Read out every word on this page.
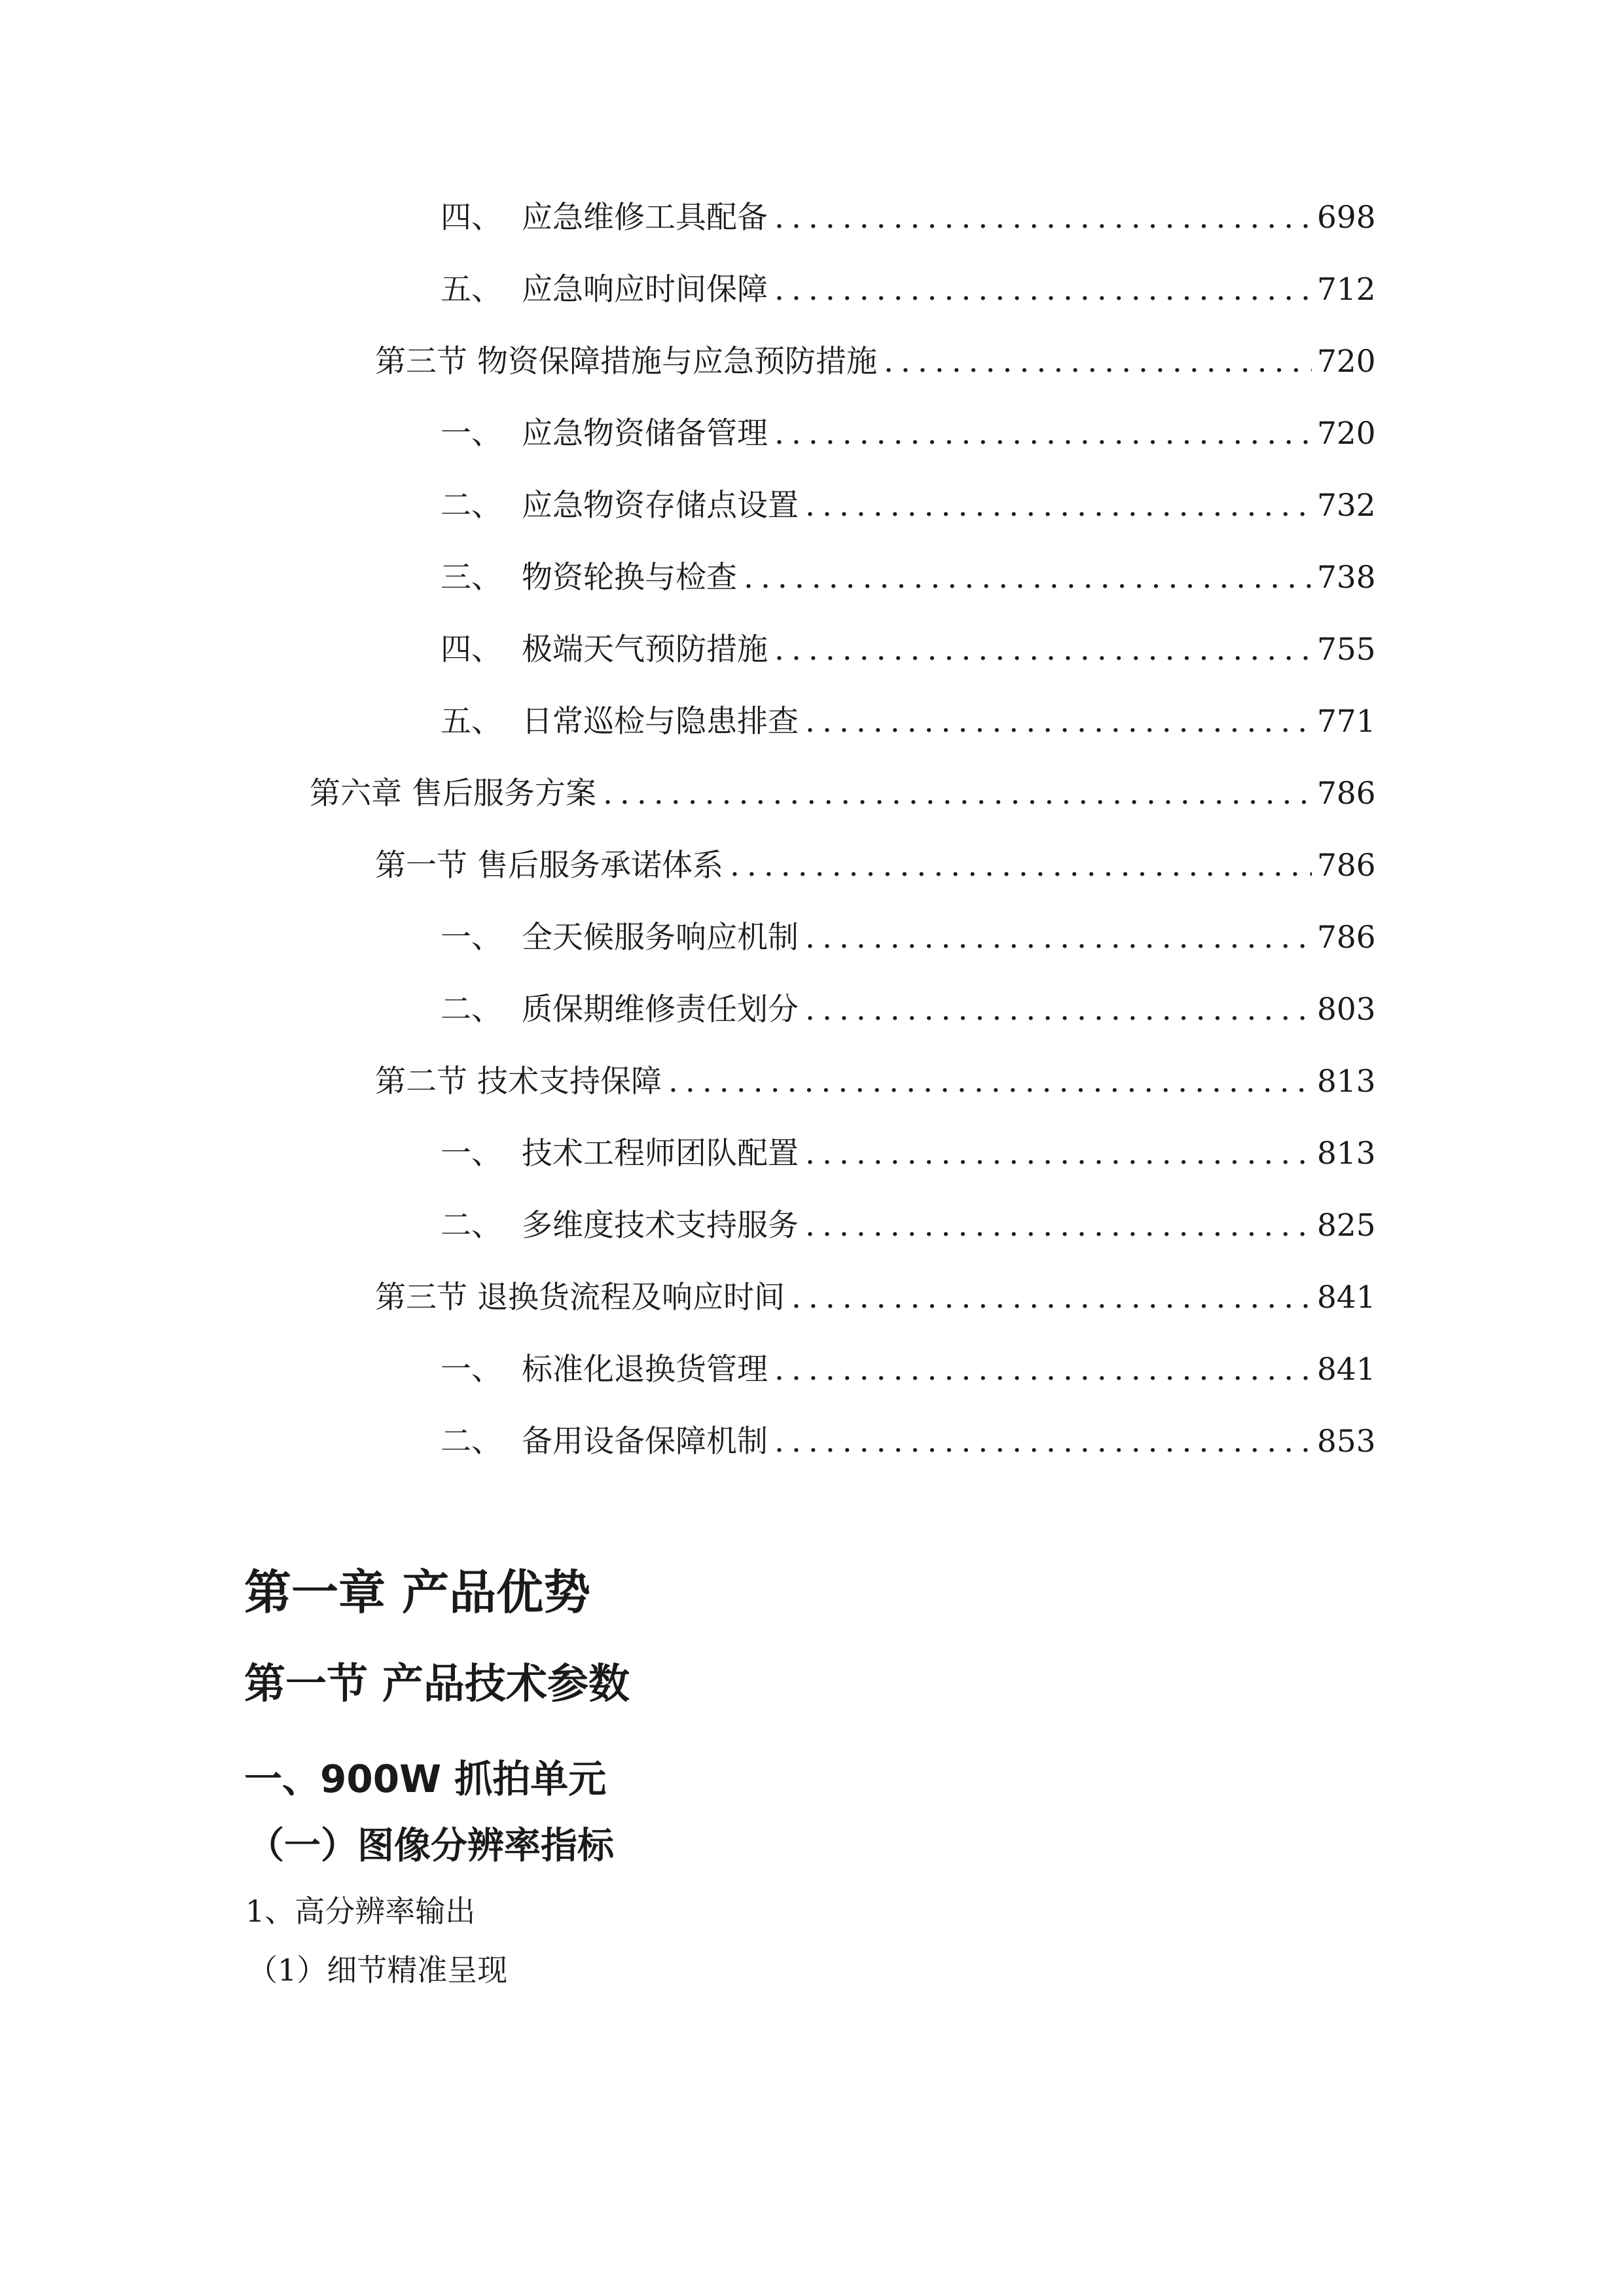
四、 应急维修工具配备 .....	698
五、 应急响应时间保障 .....	712
第三节 物资保障措施与应急预防措施 .....	720
一、 应急物资储备管理 .....	720
二、 应急物资存储点设置 .....	732
三、 物资轮换与检查 .....	738
四、 极端天气预防措施 .....	755
五、 日常巡检与隐患排查 .....	771
第六章 售后服务方案 .....	786
第一节 售后服务承诺体系 .....	786
一、 全天候服务响应机制 .....	786
二、 质保期维修责任划分 .....	803
第二节 技术支持保障 .....	813
一、 技术工程师团队配置 .....	813
二、 多维度技术支持服务 .....	825
第三节 退换货流程及响应时间 .....	841
一、 标准化退换货管理 .....	841
二、 备用设备保障机制 .....	853
第一章 产品优势
第一节 产品技术参数
一、900W 抓拍单元
（一）图像分辨率指标

1、高分辨率输出

（1）细节精准呈现
